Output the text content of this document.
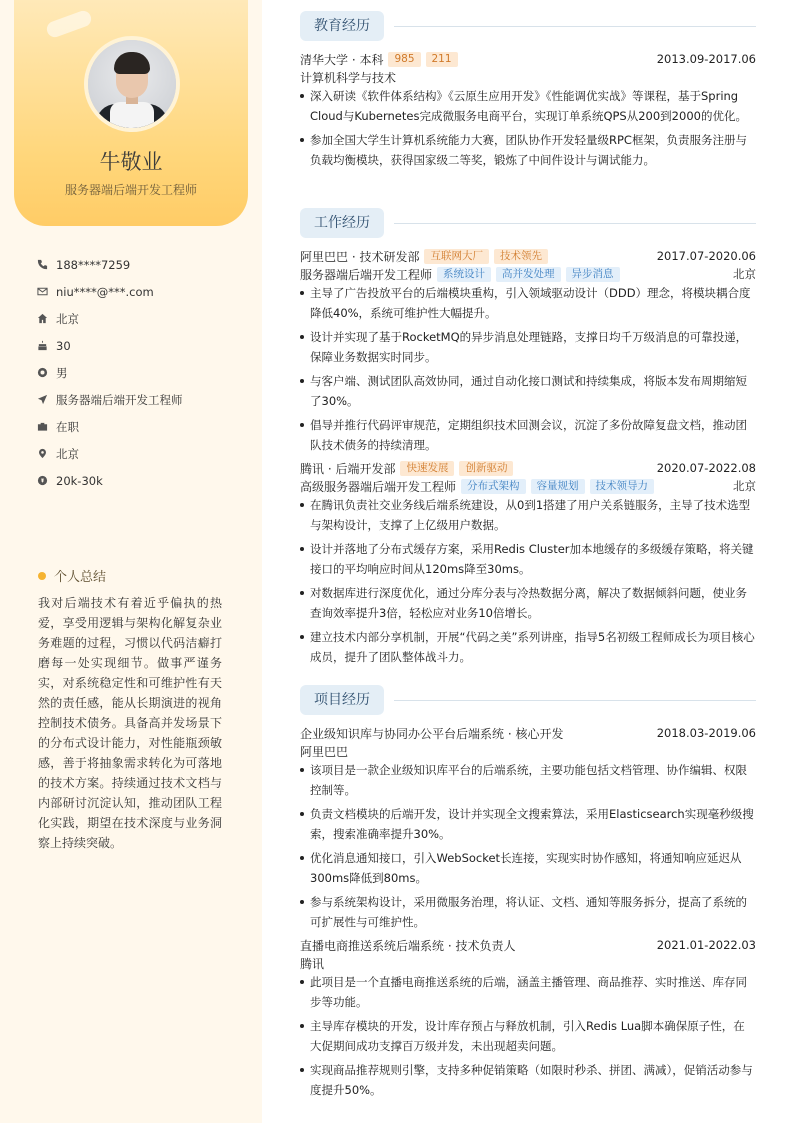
牛敬业
服务器端后端开发工程师
188****7259
niu****@***.com
北京
30
男
服务器端后端开发工程师
在职
北京
20k-30k
个人总结
我对后端技术有着近乎偏执的热爱，享受用逻辑与架构化解复杂业务难题的过程，习惯以代码洁癖打磨每一处实现细节。做事严谨务实，对系统稳定性和可维护性有天然的责任感，能从长期演进的视角控制技术债务。具备高并发场景下的分布式设计能力，对性能瓶颈敏感，善于将抽象需求转化为可落地的技术方案。持续通过技术文档与内部研讨沉淀认知，推动团队工程化实践，期望在技术深度与业务洞察上持续突破。
教育经历
清华大学 · 本科	985	211	2013.09-2017.06
计算机科学与技术
深入研读《软件体系结构》《云原生应用开发》《性能调优实战》等课程，基于Spring Cloud与Kubernetes完成微服务电商平台，实现订单系统QPS从200到2000的优化。
参加全国大学生计算机系统能力大赛，团队协作开发轻量级RPC框架，负责服务注册与负载均衡模块，获得国家级二等奖，锻炼了中间件设计与调试能力。
工作经历
阿里巴巴 · 技术研发部	互联网大厂	技术领先	2017.07-2020.06
服务器端后端开发工程师	系统设计	高并发处理	异步消息	北京
主导了广告投放平台的后端模块重构，引入领域驱动设计（DDD）理念，将模块耦合度降低40%，系统可维护性大幅提升。
设计并实现了基于RocketMQ的异步消息处理链路，支撑日均千万级消息的可靠投递，保障业务数据实时同步。
与客户端、测试团队高效协同，通过自动化接口测试和持续集成，将版本发布周期缩短了30%。
倡导并推行代码评审规范，定期组织技术回测会议，沉淀了多份故障复盘文档，推动团队技术债务的持续清理。
腾讯 · 后端开发部	快速发展	创新驱动	2020.07-2022.08
高级服务器端后端开发工程师	分布式架构	容量规划	技术领导力	北京
在腾讯负责社交业务线后端系统建设，从0到1搭建了用户关系链服务，主导了技术选型与架构设计，支撑了上亿级用户数据。
设计并落地了分布式缓存方案，采用Redis Cluster加本地缓存的多级缓存策略，将关键接口的平均响应时间从120ms降至30ms。
对数据库进行深度优化，通过分库分表与冷热数据分离，解决了数据倾斜问题，使业务查询效率提升3倍，轻松应对业务10倍增长。
建立技术内部分享机制，开展“代码之美”系列讲座，指导5名初级工程师成长为项目核心成员，提升了团队整体战斗力。
项目经历
企业级知识库与协同办公平台后端系统 · 核心开发	2018.03-2019.06
阿里巴巴
该项目是一款企业级知识库平台的后端系统，主要功能包括文档管理、协作编辑、权限控制等。
负责文档模块的后端开发，设计并实现全文搜索算法，采用Elasticsearch实现毫秒级搜索，搜索准确率提升30%。
优化消息通知接口，引入WebSocket长连接，实现实时协作感知，将通知响应延迟从300ms降低到80ms。
参与系统架构设计，采用微服务治理，将认证、文档、通知等服务拆分，提高了系统的可扩展性与可维护性。
直播电商推送系统后端系统 · 技术负责人	2021.01-2022.03
腾讯
此项目是一个直播电商推送系统的后端，涵盖主播管理、商品推荐、实时推送、库存同步等功能。
主导库存模块的开发，设计库存预占与释放机制，引入Redis Lua脚本确保原子性，在大促期间成功支撑百万级并发，未出现超卖问题。
实现商品推荐规则引擎，支持多种促销策略（如限时秒杀、拼团、满减），促销活动参与度提升50%。
